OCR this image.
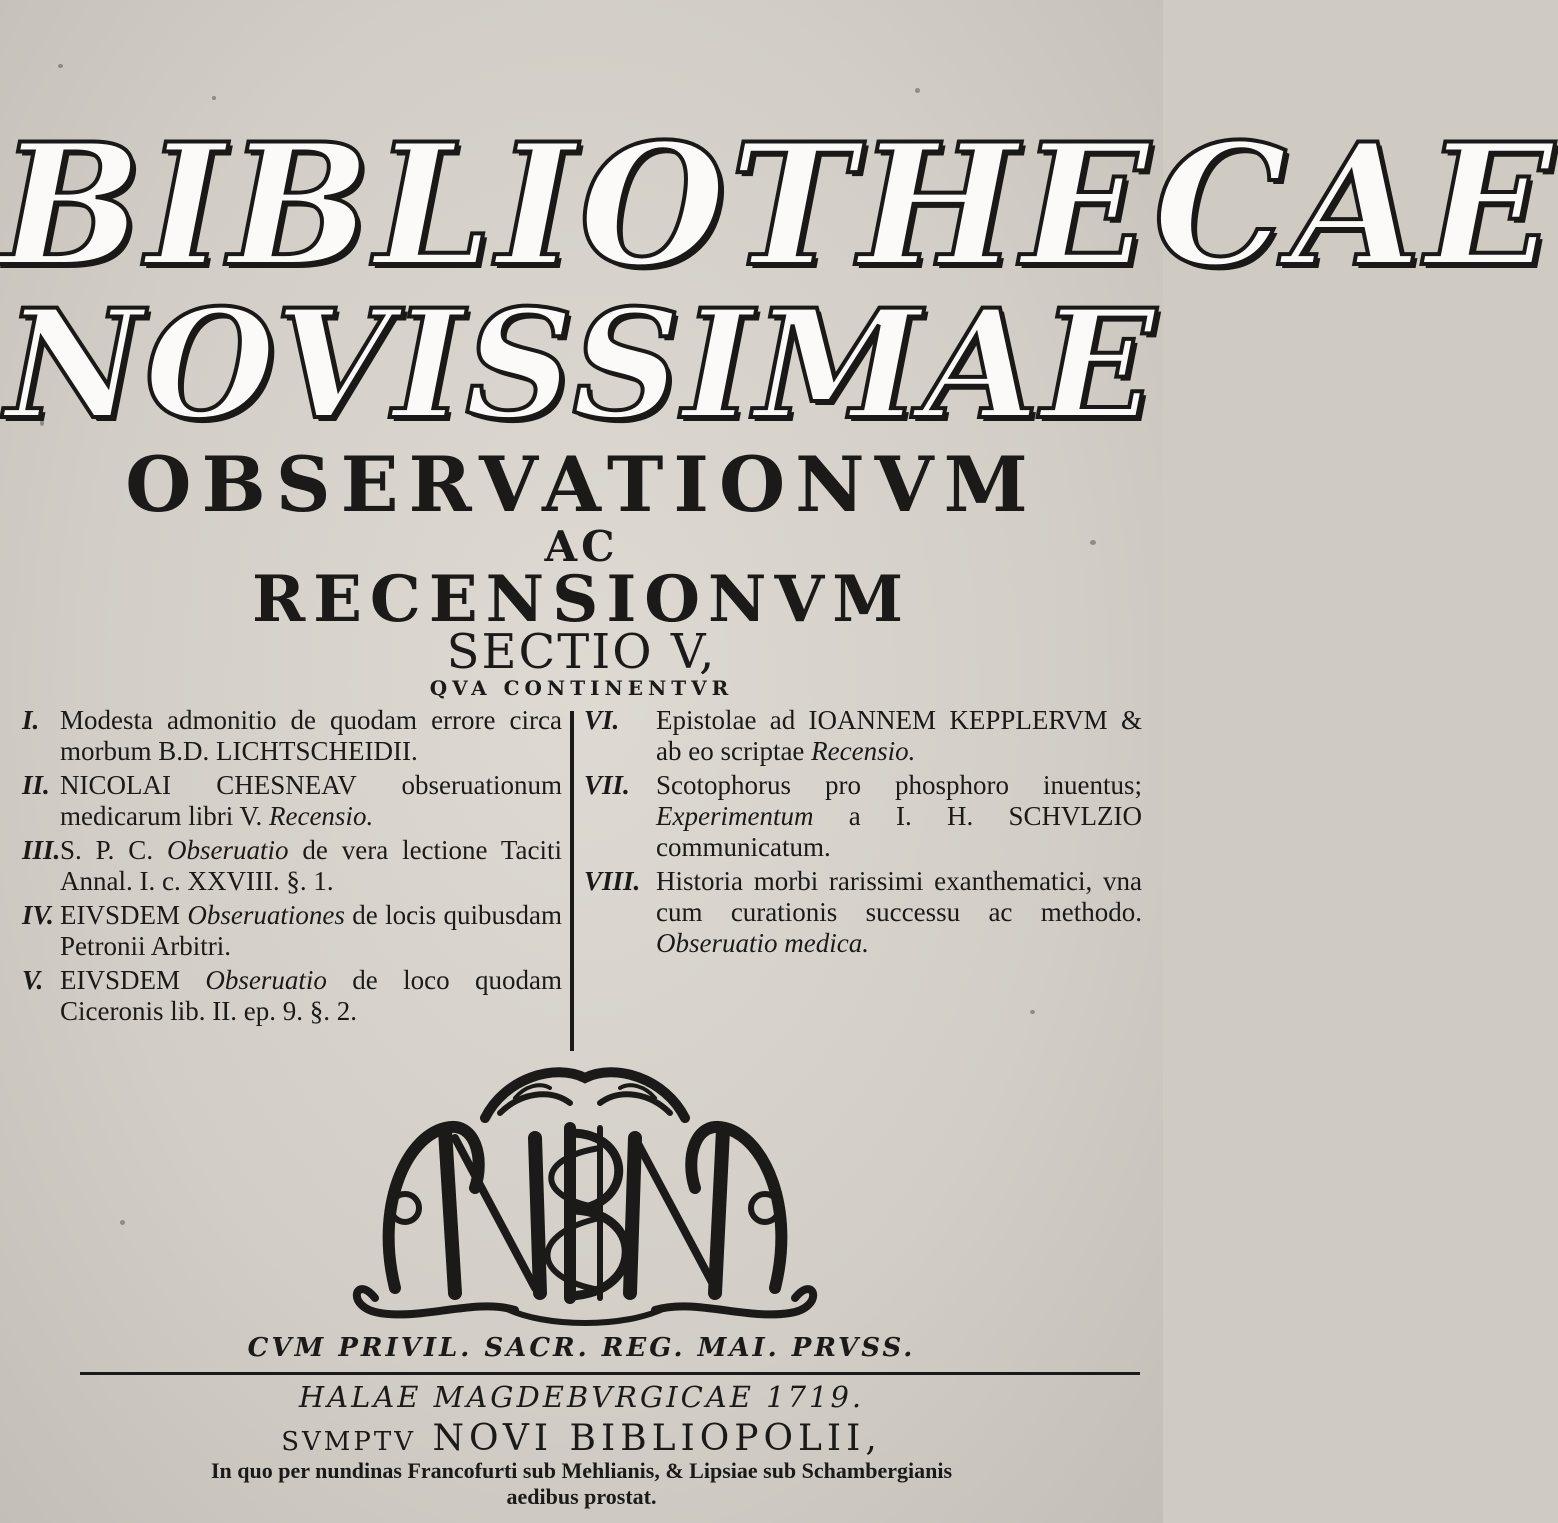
BIBLIOTHECAE
NOVISSIMAE
OBSERVATIONVM
AC
RECENSIONVM
SECTIO V,
QVA CONTINENTVR
I. Modesta admonitio de quodam errore circa morbum B.D. LICHTSCHEIDII.
II. NICOLAI CHESNEAV obseruationum medicarum libri V. Recensio.
III. S. P. C. Obseruatio de vera lectione Taciti Annal. I. c. XXVIII. §. 1.
IV. EIVSDEM Obseruationes de locis quibusdam Petronii Arbitri.
V. EIVSDEM Obseruatio de loco quodam Ciceronis lib. II. ep. 9. §. 2.
VI. Epistolae ad IOANNEM KEPPLERVM & ab eo scriptae Recensio.
VII. Scotophorus pro phosphoro inuentus; Experimentum a I. H. SCHVLZIO communicatum.
VIII. Historia morbi rarissimi exanthematici, vna cum curationis successu ac methodo. Obseruatio medica.
CVM PRIVIL. SACR. REG. MAI. PRVSS.
HALAE MAGDEBVRGICAE 1719.
SVMPTV NOVI BIBLIOPOLII,
In quo per nundinas Francofurti sub Mehlianis, & Lipsiae sub Schambergianis
aedibus prostat.
